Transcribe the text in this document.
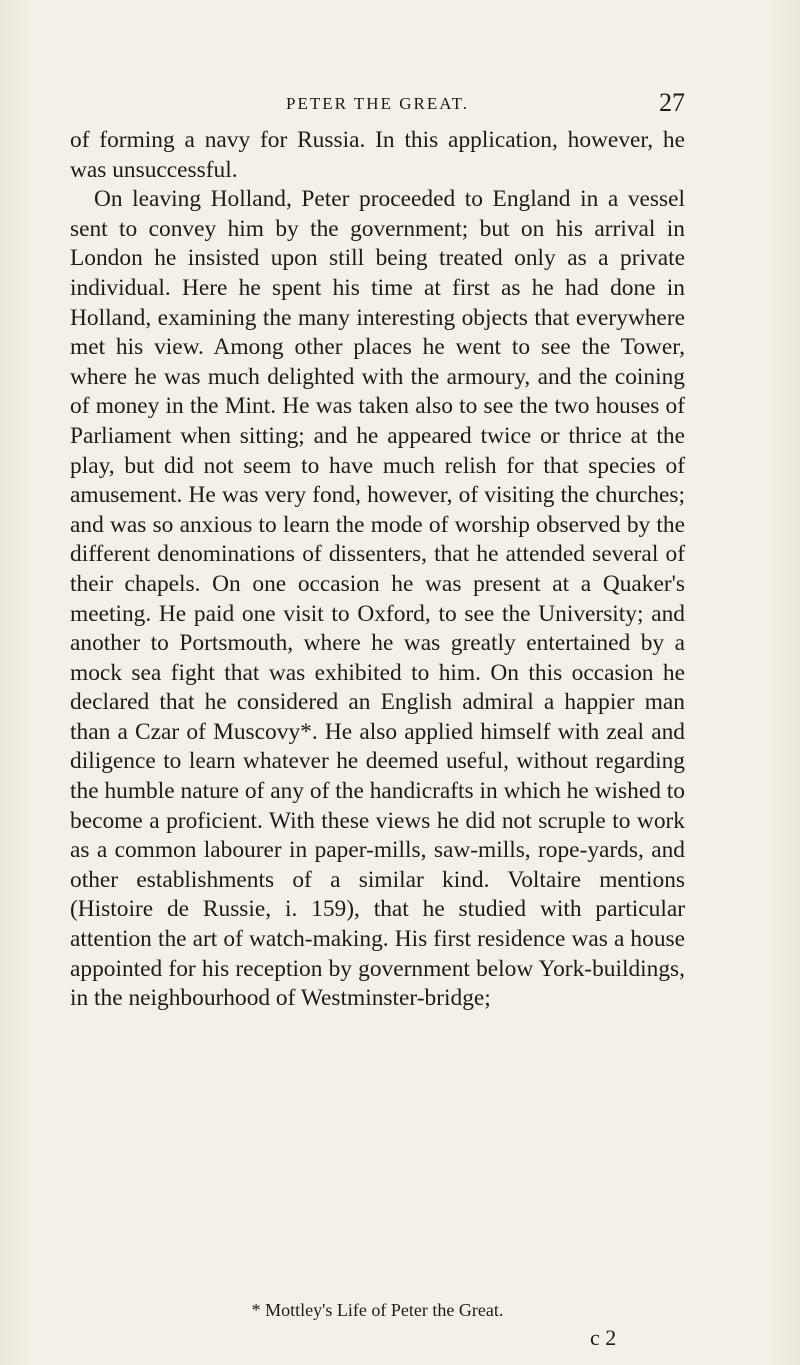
PETER THE GREAT.	27

of forming a navy for Russia. In this application, however, he was unsuccessful.

On leaving Holland, Peter proceeded to England in a vessel sent to convey him by the government; but on his arrival in London he insisted upon still being treated only as a private individual. Here he spent his time at first as he had done in Holland, examining the many interesting objects that everywhere met his view. Among other places he went to see the Tower, where he was much delighted with the armoury, and the coining of money in the Mint. He was taken also to see the two houses of Parliament when sitting; and he appeared twice or thrice at the play, but did not seem to have much relish for that species of amusement. He was very fond, however, of visiting the churches; and was so anxious to learn the mode of worship observed by the different denominations of dissenters, that he attended several of their chapels. On one occasion he was present at a Quaker's meeting. He paid one visit to Oxford, to see the University; and another to Portsmouth, where he was greatly entertained by a mock sea fight that was exhibited to him. On this occasion he declared that he considered an English admiral a happier man than a Czar of Muscovy*. He also applied himself with zeal and diligence to learn whatever he deemed useful, without regarding the humble nature of any of the handicrafts in which he wished to become a proficient. With these views he did not scruple to work as a common labourer in paper-mills, saw-mills, rope-yards, and other establishments of a similar kind. Voltaire mentions (Histoire de Russie, i. 159), that he studied with particular attention the art of watch-making. His first residence was a house appointed for his reception by government below York-buildings, in the neighbourhood of Westminster-bridge;

* Mottley's Life of Peter the Great.
c 2
